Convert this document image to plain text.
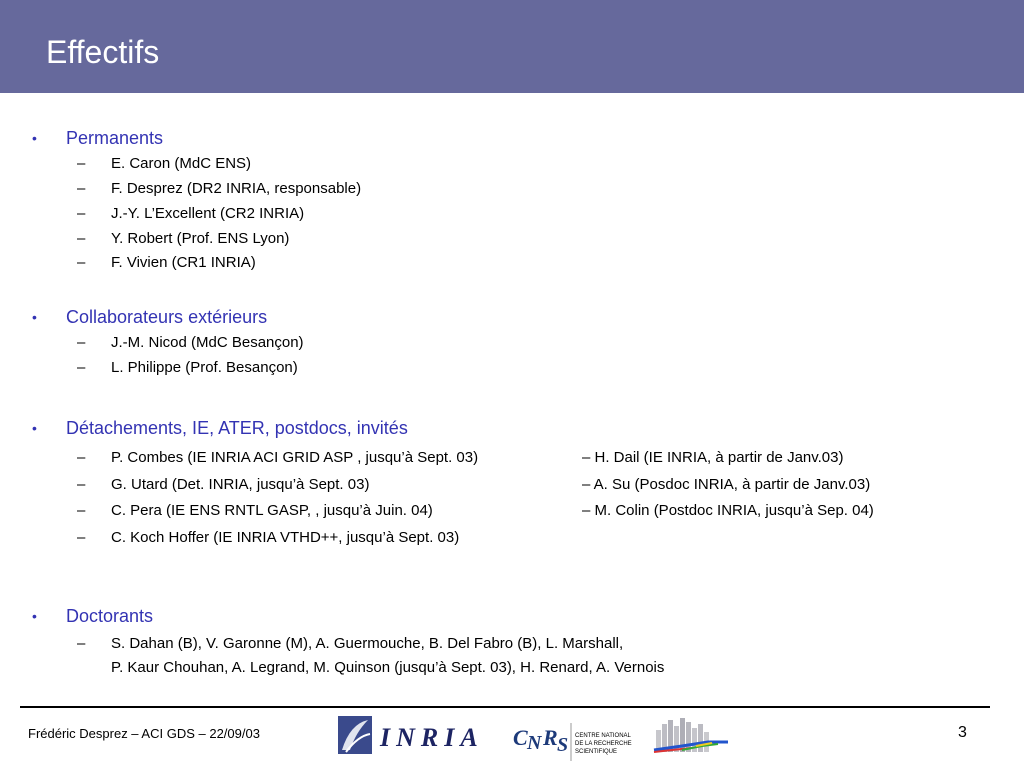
Effectifs
• Permanents
– E. Caron (MdC ENS)
– F. Desprez (DR2 INRIA, responsable)
– J.-Y. L’Excellent (CR2 INRIA)
– Y. Robert (Prof. ENS Lyon)
– F. Vivien (CR1 INRIA)
• Collaborateurs extérieurs
– J.-M. Nicod (MdC Besançon)
– L. Philippe (Prof. Besançon)
• Détachements, IE, ATER, postdocs, invités
– P. Combes (IE INRIA ACI GRID ASP , jusqu’à Sept. 03)
– G. Utard (Det. INRIA, jusqu’à Sept. 03)
– C. Pera (IE ENS RNTL GASP, , jusqu’à Juin. 04)
– C. Koch Hoffer (IE INRIA VTHD++, jusqu’à Sept. 03)
– H. Dail (IE INRIA, à partir de Janv.03)
– A. Su (Posdoc INRIA, à partir de Janv.03)
– M. Colin (Postdoc INRIA, jusqu’à Sep. 04)
• Doctorants
– S. Dahan (B), V. Garonne (M), A. Guermouche, B. Del Fabro (B), L. Marshall,
P. Kaur Chouhan, A. Legrand, M. Quinson (jusqu’à Sept. 03), H. Renard, A. Vernois
Frédéric Desprez – ACI GDS – 22/09/03	3
INRIA C N R S CENTRE NATIONAL
DE LA RECHERCHE
SCIENTIFIQUE
